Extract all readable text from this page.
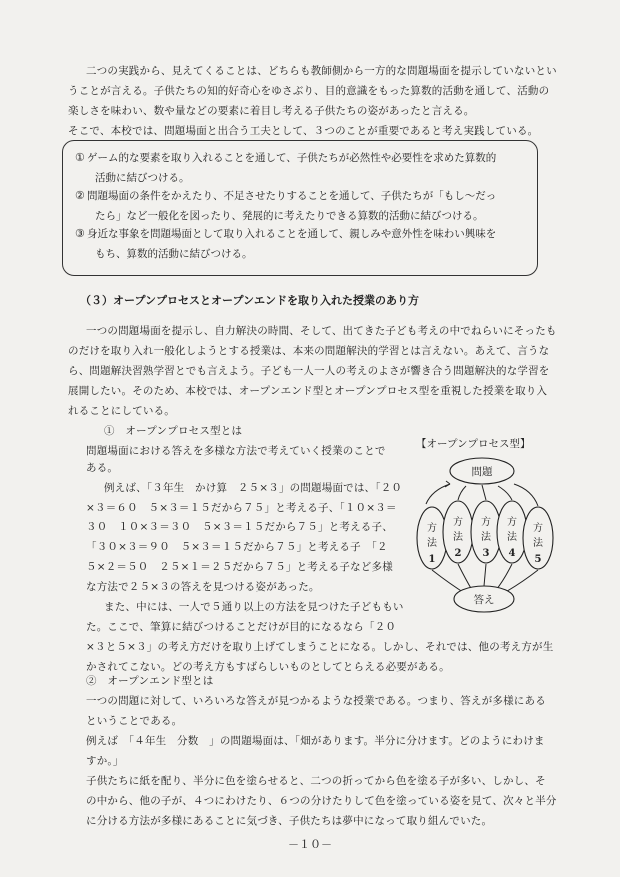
二つの実践から、見えてくることは、どちらも教師側から一方的な問題場面を提示していないとい
うことが言える。子供たちの知的好奇心をゆさぶり、目的意識をもった算数的活動を通して、活動の
楽しさを味わい、数や量などの要素に着目し考える子供たちの姿があったと言える。
そこで、本校では、問題場面と出合う工夫として、３つのことが重要であると考え実践している。
① ゲーム的な要素を取り入れることを通して、子供たちが必然性や必要性を求めた算数的
活動に結びつける。
② 問題場面の条件をかえたり、不足させたりすることを通して、子供たちが「もし～だっ
たら」など一般化を図ったり、発展的に考えたりできる算数的活動に結びつける。
③ 身近な事象を問題場面として取り入れることを通して、親しみや意外性を味わい興味を
もち、算数的活動に結びつける。
（３）オープンプロセスとオープンエンドを取り入れた授業のあり方
一つの問題場面を提示し、自力解決の時間、そして、出てきた子ども考えの中でねらいにそったも
のだけを取り入れ一般化しようとする授業は、本来の問題解決的学習とは言えない。あえて、言うな
ら、問題解決習熟学習とでも言えよう。子ども一人一人の考えのよさが響き合う問題解決的な学習を
展開したい。そのため、本校では、オープンエンド型とオープンプロセス型を重視した授業を取り入
れることにしている。
①　オープンプロセス型とは
問題場面における答えを多様な方法で考えていく授業のことで
ある。
例えば、「３年生　かけ算　２５×３」の問題場面では、「２０
×３＝６０　５×３＝１５だから７５」と考える子、「１０×３＝
３０　１０×３＝３０　５×３＝１５だから７５」と考える子、
「３０×３＝９０　５×３＝１５だから７５」と考える子　「２
５×２＝５０　２５×１＝２５だから７５」と考える子など多様
な方法で２５×３の答えを見つける姿があった。
また、中には、一人で５通り以上の方法を見つけた子どももい
た。ここで、筆算に結びつけることだけが目的になるなら「２０
×３と５×３」の考え方だけを取り上げてしまうことになる。しかし、それでは、他の考え方が生
かされてこない。どの考え方もすばらしいものとしてとらえる必要がある。
②　オープンエンド型とは
一つの問題に対して、いろいろな答えが見つかるような授業である。つまり、答えが多様にある
ということである。
例えば　「４年生　分数　」の問題場面は、「畑があります。半分に分けます。どのようにわけま
すか。」
子供たちに紙を配り、半分に色を塗らせると、二つの折ってから色を塗る子が多い、しかし、そ
の中から、他の子が、４つにわけたり、６つの分けたりして色を塗っている姿を見て、次々と半分
に分ける方法が多様にあることに気づき、子供たちは夢中になって取り組んでいた。
【オープンプロセス型】
問題
方
法
1
方
法
2
方
法
3
方
法
4
方
法
5
答え
－１０－
